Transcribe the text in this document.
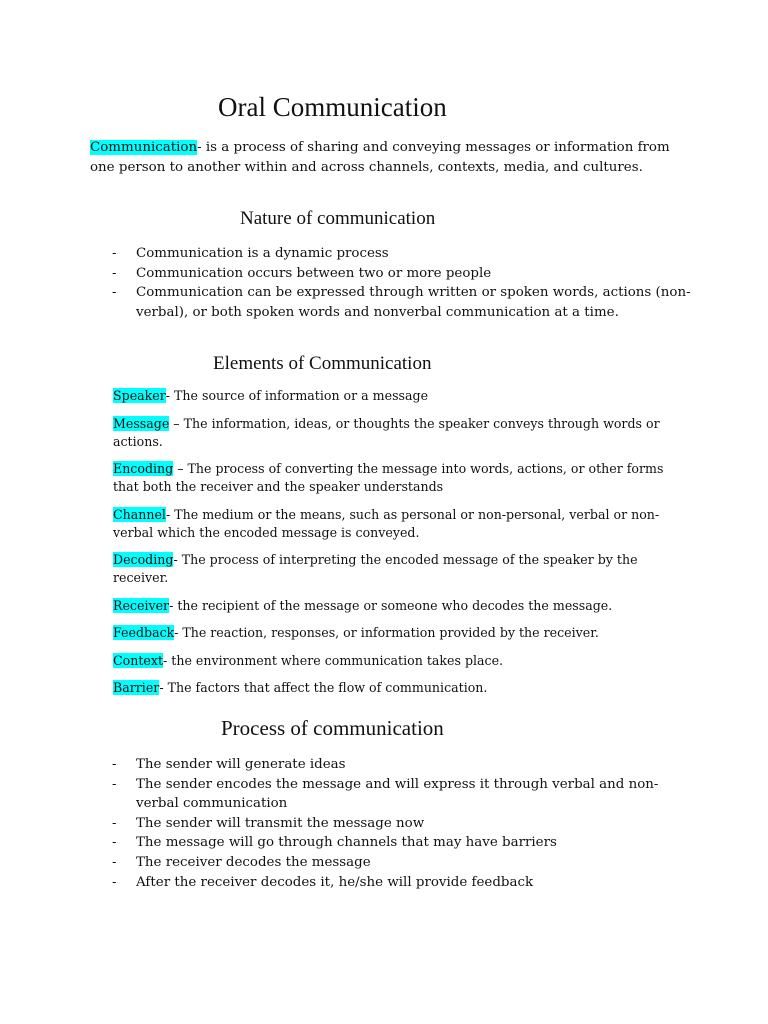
Oral Communication

Communication- is a process of sharing and conveying messages or information from one person to another within and across channels, contexts, media, and cultures.

Nature of communication
- Communication is a dynamic process
- Communication occurs between two or more people
- Communication can be expressed through written or spoken words, actions (non-verbal), or both spoken words and nonverbal communication at a time.
Elements of Communication

Speaker- The source of information or a message

Message – The information, ideas, or thoughts the speaker conveys through words or actions.

Encoding – The process of converting the message into words, actions, or other forms that both the receiver and the speaker understands

Channel- The medium or the means, such as personal or non-personal, verbal or non-verbal which the encoded message is conveyed.

Decoding- The process of interpreting the encoded message of the speaker by the receiver.

Receiver- the recipient of the message or someone who decodes the message.

Feedback- The reaction, responses, or information provided by the receiver.

Context- the environment where communication takes place.

Barrier- The factors that affect the flow of communication.

Process of communication
- The sender will generate ideas
- The sender encodes the message and will express it through verbal and non-verbal communication
- The sender will transmit the message now
- The message will go through channels that may have barriers
- The receiver decodes the message
- After the receiver decodes it, he/she will provide feedback
